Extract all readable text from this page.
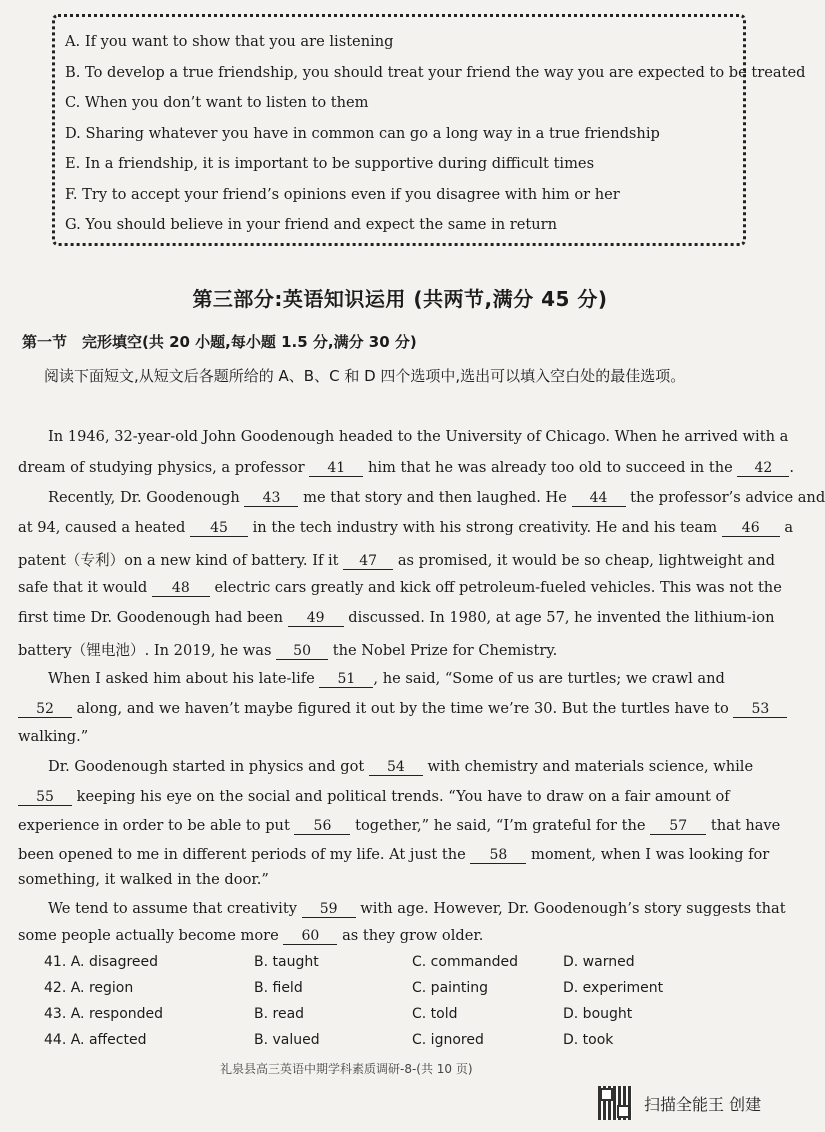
A. If you want to show that you are listening
B. To develop a true friendship, you should treat your friend the way you are expected to be treated
C. When you don’t want to listen to them
D. Sharing whatever you have in common can go a long way in a true friendship
E. In a friendship, it is important to be supportive during difficult times
F. Try to accept your friend’s opinions even if you disagree with him or her
G. You should believe in your friend and expect the same in return
第三部分:英语知识运用 (共两节,满分 45 分)
第一节　完形填空(共 20 小题,每小题 1.5 分,满分 30 分)
阅读下面短文,从短文后各题所给的 A、B、C 和 D 四个选项中,选出可以填入空白处的最佳选项。
In 1946, 32-year-old John Goodenough headed to the University of Chicago. When he arrived with a
dream of studying physics, a professor 41 him that he was already too old to succeed in the 42 .
Recently, Dr. Goodenough 43 me that story and then laughed. He 44 the professor’s advice and
at 94, caused a heated 45 in the tech industry with his strong creativity. He and his team 46 a
patent（专利）on a new kind of battery. If it 47 as promised, it would be so cheap, lightweight and
safe that it would 48 electric cars greatly and kick off petroleum-fueled vehicles. This was not the
first time Dr. Goodenough had been 49 discussed. In 1980, at age 57, he invented the lithium-ion
battery（锂电池）. In 2019, he was 50 the Nobel Prize for Chemistry.
When I asked him about his late-life 51 , he said, “Some of us are turtles; we crawl and
52 along, and we haven’t maybe figured it out by the time we’re 30. But the turtles have to 53
walking.”
Dr. Goodenough started in physics and got 54 with chemistry and materials science, while
55 keeping his eye on the social and political trends. “You have to draw on a fair amount of
experience in order to be able to put 56 together,” he said, “I’m grateful for the 57 that have
been opened to me in different periods of my life. At just the 58 moment, when I was looking for
something, it walked in the door.”
We tend to assume that creativity 59 with age. However, Dr. Goodenough’s story suggests that
some people actually become more 60 as they grow older.
41. A. disagreed	B. taught	C. commanded	D. warned
42. A. region	B. field	C. painting	D. experiment
43. A. responded	B. read	C. told	D. bought
44. A. affected	B. valued	C. ignored	D. took
礼泉县高三英语中期学科素质调研-8-(共 10 页)
扫描全能王 创建
